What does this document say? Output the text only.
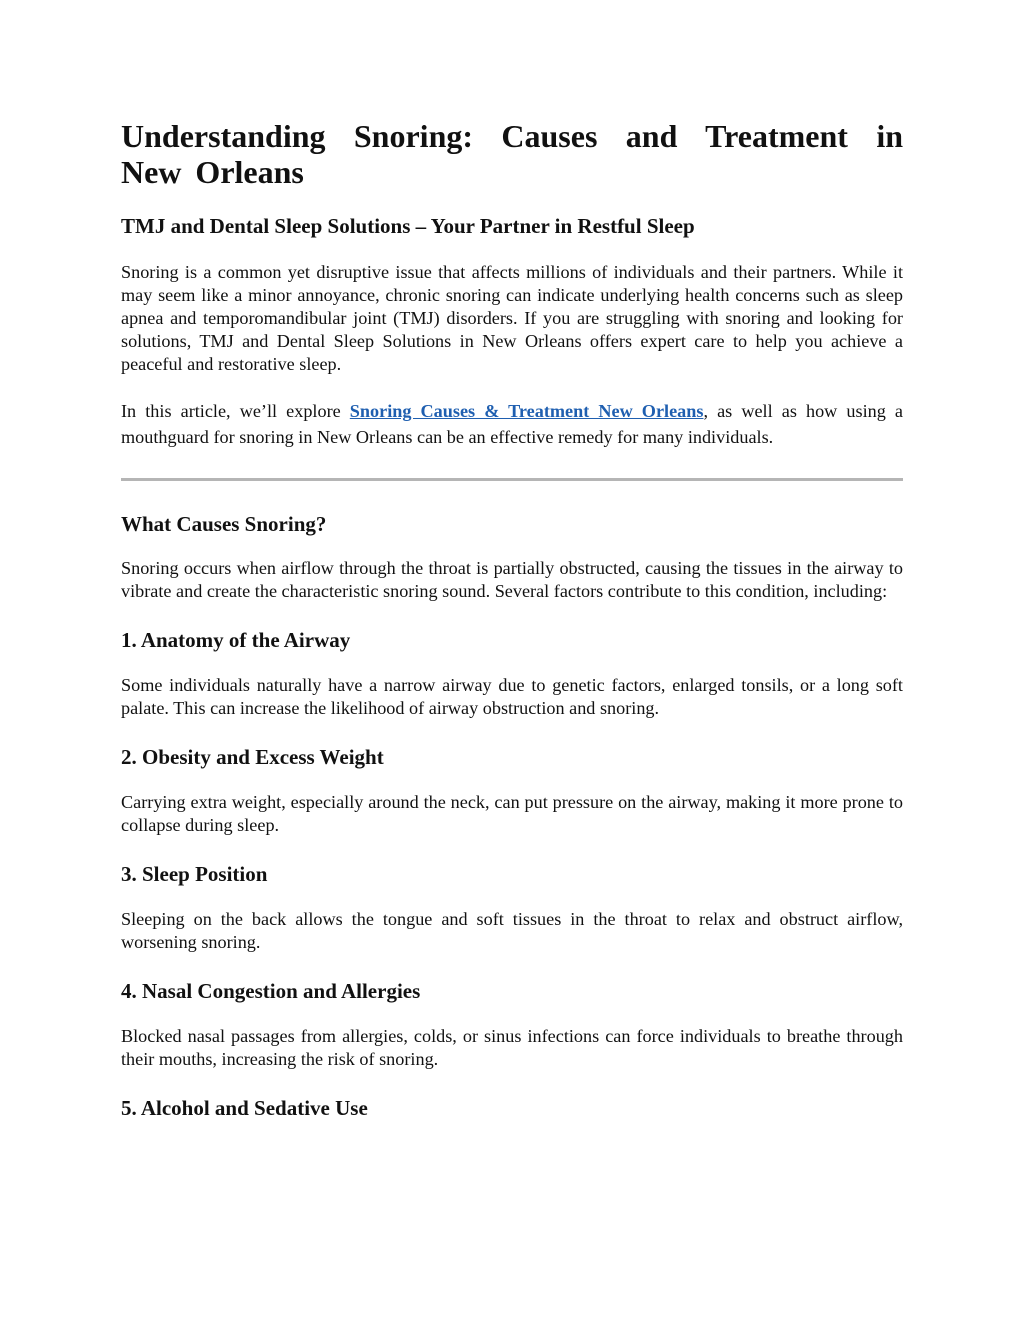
Understanding Snoring: Causes and Treatment in New Orleans
TMJ and Dental Sleep Solutions – Your Partner in Restful Sleep

Snoring is a common yet disruptive issue that affects millions of individuals and their partners. While it may seem like a minor annoyance, chronic snoring can indicate underlying health concerns such as sleep apnea and temporomandibular joint (TMJ) disorders. If you are struggling with snoring and looking for solutions, TMJ and Dental Sleep Solutions in New Orleans offers expert care to help you achieve a peaceful and restorative sleep.

In this article, we’ll explore Snoring Causes & Treatment New Orleans, as well as how using a mouthguard for snoring in New Orleans can be an effective remedy for many individuals.

What Causes Snoring?

Snoring occurs when airflow through the throat is partially obstructed, causing the tissues in the airway to vibrate and create the characteristic snoring sound. Several factors contribute to this condition, including:

1. Anatomy of the Airway

Some individuals naturally have a narrow airway due to genetic factors, enlarged tonsils, or a long soft palate. This can increase the likelihood of airway obstruction and snoring.

2. Obesity and Excess Weight

Carrying extra weight, especially around the neck, can put pressure on the airway, making it more prone to collapse during sleep.

3. Sleep Position

Sleeping on the back allows the tongue and soft tissues in the throat to relax and obstruct airflow, worsening snoring.

4. Nasal Congestion and Allergies

Blocked nasal passages from allergies, colds, or sinus infections can force individuals to breathe through their mouths, increasing the risk of snoring.

5. Alcohol and Sedative Use
